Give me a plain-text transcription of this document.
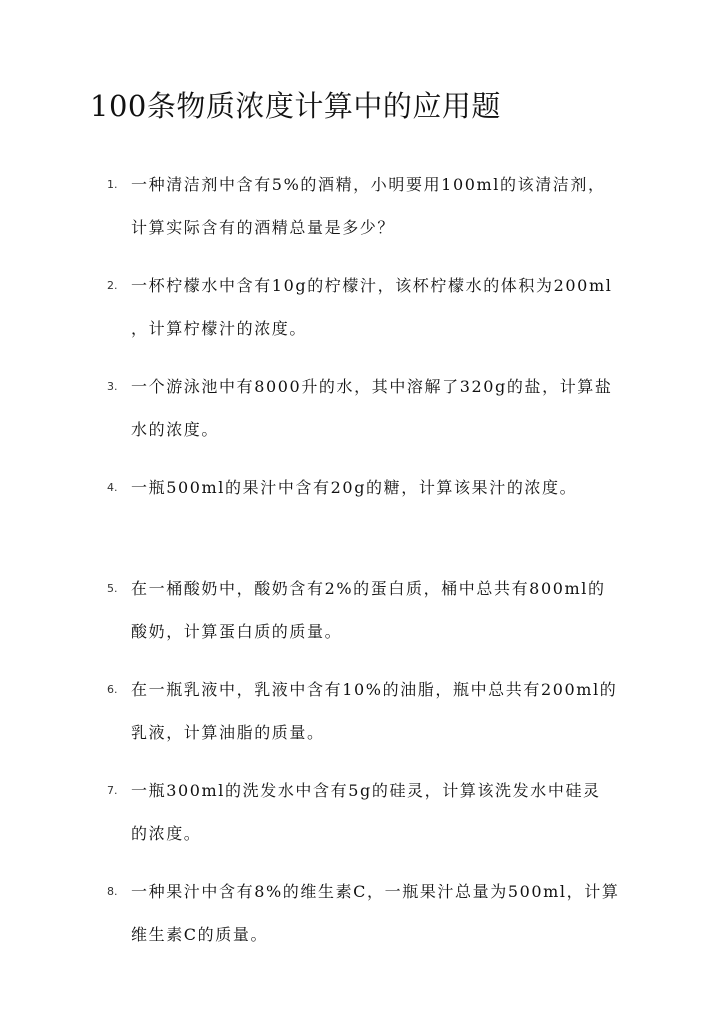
100条物质浓度计算中的应用题
1. 一种清洁剂中含有5%的酒精，小明要用100ml的该清洁剂，
计算实际含有的酒精总量是多少？
2. 一杯柠檬水中含有10g的柠檬汁，该杯柠檬水的体积为200ml
，计算柠檬汁的浓度。
3. 一个游泳池中有8000升的水，其中溶解了320g的盐，计算盐
水的浓度。
4. 一瓶500ml的果汁中含有20g的糖，计算该果汁的浓度。
5. 在一桶酸奶中，酸奶含有2%的蛋白质，桶中总共有800ml的
酸奶，计算蛋白质的质量。
6. 在一瓶乳液中，乳液中含有10%的油脂，瓶中总共有200ml的
乳液，计算油脂的质量。
7. 一瓶300ml的洗发水中含有5g的硅灵，计算该洗发水中硅灵
的浓度。
8. 一种果汁中含有8%的维生素C，一瓶果汁总量为500ml，计算
维生素C的质量。
